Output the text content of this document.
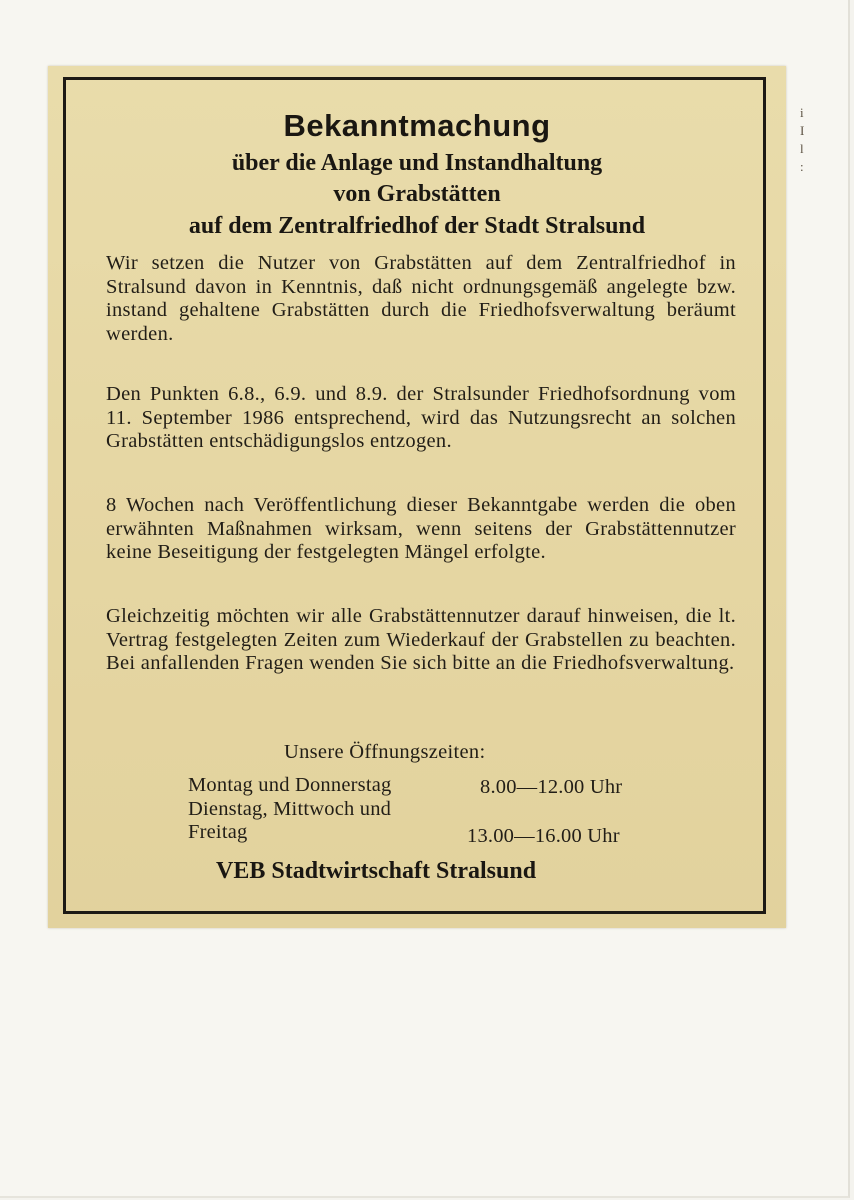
i
I
l
:
Bekanntmachung
über die Anlage und Instandhaltung
von Grabstätten
auf dem Zentralfriedhof der Stadt Stralsund
Wir setzen die Nutzer von Grabstätten auf dem Zentralfriedhof in Stralsund davon in Kenntnis, daß nicht ordnungsgemäß angelegte bzw. instand gehaltene Grabstätten durch die Friedhofsverwaltung beräumt werden.
Den Punkten 6.8., 6.9. und 8.9. der Stralsunder Friedhofsordnung vom 11. September 1986 entsprechend, wird das Nutzungsrecht an solchen Grabstätten entschädigungslos entzogen.
8 Wochen nach Veröffentlichung dieser Bekanntgabe werden die oben erwähnten Maßnahmen wirksam, wenn seitens der Grabstättennutzer keine Beseitigung der festgelegten Mängel erfolgte.
Gleichzeitig möchten wir alle Grabstättennutzer darauf hinweisen, die lt. Vertrag festgelegten Zeiten zum Wiederkauf der Grabstellen zu beachten. Bei anfallenden Fragen wenden Sie sich bitte an die Friedhofsverwaltung.
Unsere Öffnungszeiten:
Montag und Donnerstag	8.00—12.00 Uhr
Dienstag, Mittwoch und
Freitag	13.00—16.00 Uhr
VEB Stadtwirtschaft Stralsund
